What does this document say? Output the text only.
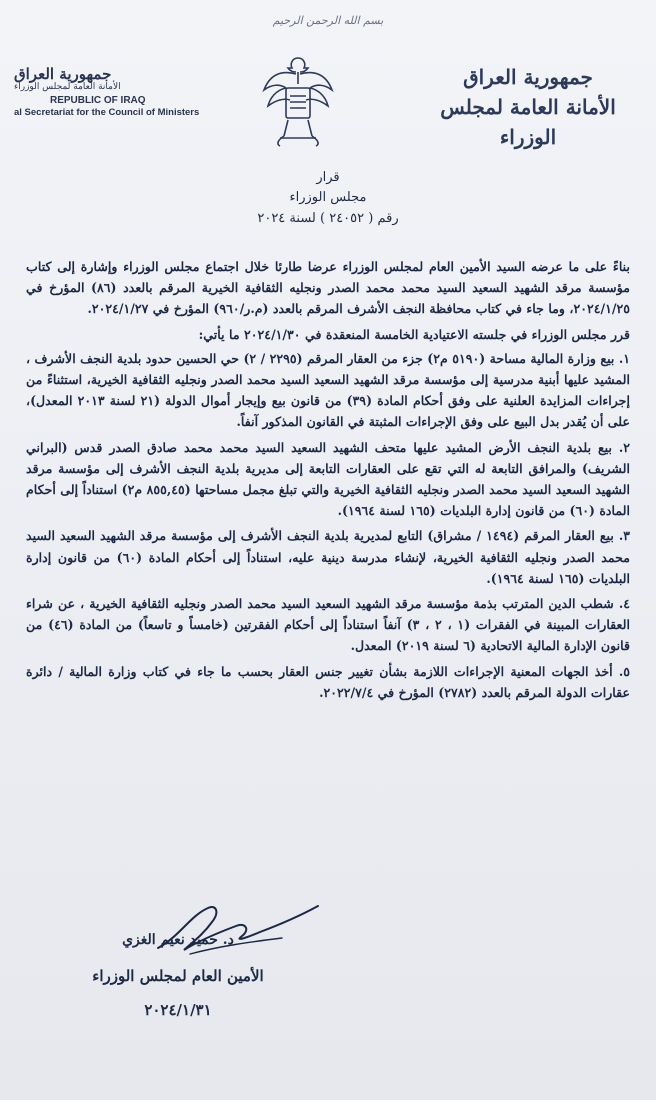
بسم الله الرحمن الرحيم
جمهورية العراق
الأمانة العامة لمجلس الوزراء
REPUBLIC OF IRAQ
al Secretariat for the Council of Ministers
جمهورية العراق
الأمانة العامة لمجلس الوزراء
قرار
مجلس الوزراء
رقم ( ٢٤٠٥٢ ) لسنة ٢٠٢٤

بناءً على ما عرضه السيد الأمين العام لمجلس الوزراء عرضا طارئا خلال اجتماع مجلس الوزراء وإشارة إلى كتاب مؤسسة مرقد الشهيد السعيد السيد محمد محمد الصدر ونجليه الثقافية الخيرية المرقم بالعدد (٨٦) المؤرخ في ٢٠٢٤/١/٢٥، وما جاء في كتاب محافظة النجف الأشرف المرقم بالعدد (م.ر/٩٦٠) المؤرخ في ٢٠٢٤/١/٢٧.

قرر مجلس الوزراء في جلسته الاعتيادية الخامسة المنعقدة في ٢٠٢٤/١/٣٠ ما يأتي:

١. بيع وزارة المالية مساحة (٥١٩٠ م٢) جزء من العقار المرقم (٢٢٩٥ / ٢) حي الحسين حدود بلدية النجف الأشرف ، المشيد عليها أبنية مدرسية إلى مؤسسة مرقد الشهيد السعيد السيد محمد الصدر ونجليه الثقافية الخيرية، استثناءً من إجراءات المزايدة العلنية على وفق أحكام المادة (٣٩) من قانون بيع وإيجار أموال الدولة (٢١ لسنة ٢٠١٣ المعدل)، على أن يُقدر بدل البيع على وفق الإجراءات المثبتة في القانون المذكور آنفاً.

٢. بيع بلدية النجف الأرض المشيد عليها متحف الشهيد السعيد السيد محمد محمد صادق الصدر قدس (البراني الشريف) والمرافق التابعة له التي تقع على العقارات التابعة إلى مديرية بلدية النجف الأشرف إلى مؤسسة مرقد الشهيد السعيد السيد محمد الصدر ونجليه الثقافية الخيرية والتي تبلغ مجمل مساحتها (٨٥٥,٤٥ م٢) استناداً إلى أحكام المادة (٦٠) من قانون إدارة البلديات (١٦٥ لسنة ١٩٦٤).

٣. بيع العقار المرقم (١٤٩٤ / مشراق) التابع لمديرية بلدية النجف الأشرف إلى مؤسسة مرقد الشهيد السعيد السيد محمد الصدر ونجليه الثقافية الخيرية، لإنشاء مدرسة دينية عليه، استناداً إلى أحكام المادة (٦٠) من قانون إدارة البلديات (١٦٥ لسنة ١٩٦٤).

٤. شطب الدين المترتب بذمة مؤسسة مرقد الشهيد السعيد السيد محمد الصدر ونجليه الثقافية الخيرية ، عن شراء العقارات المبينة في الفقرات (١ ، ٢ ، ٣) آنفاً استناداً إلى أحكام الفقرتين (خامساً و تاسعاً) من المادة (٤٦) من قانون الإدارة المالية الاتحادية (٦ لسنة ٢٠١٩) المعدل.

٥. أخذ الجهات المعنية الإجراءات اللازمة بشأن تغيير جنس العقار بحسب ما جاء في كتاب وزارة المالية / دائرة عقارات الدولة المرقم بالعدد (٢٧٨٢) المؤرخ في ٢٠٢٢/٧/٤.

د. حميد نعيم الغزي
الأمين العام لمجلس الوزراء
٢٠٢٤/١/٣١
